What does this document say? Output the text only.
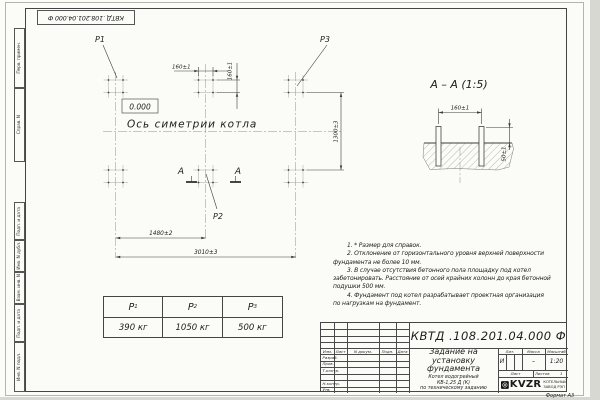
КВТД .108.201.04.000 Ф
Перв. примен.
Справ. N
Подп. и дата
Инв. N дубл.
Взам. инв. N
Подп. и дата
Инв. N подл.
P1	P3
P2
0.000
Ось симетрии котла
160±1	160±1
1300±3
1480±2
3010±3
А	А
А – А (1:5)
160±1
50±1
1. * Размер для справок.
2. Отклонение от горизонтального уровня верхней поверхности
фундамента не более 10 мм.
3. В случае отсутствия бетонного пола площадку под котел
забетонировать. Расстояние от осей крайних колонн до края бетонной
подушки 500 мм.
4. Фундамент под котел разрабатывает проектная организация
по нагрузкам на фундамент.
P 1	P 2	P 3
390 кг	1050 кг	500 кг
Изм. Лист	N докум.	Подп.	Дата
Разраб.
Пров.
Т.контр.
Н.контр.
Утв.
КВТД .108.201.04.000 Ф
Задание на
установку
фундамента
Котел водогрейный
КВ-1,25 Д (К)
по техническому заданию
Лит.	Масса	Масштаб
И	–	1:20
Лист	Листов	1
KVZR КОТЕЛЬНЫЙ
ЗАВОД РЭП
Формат А3
